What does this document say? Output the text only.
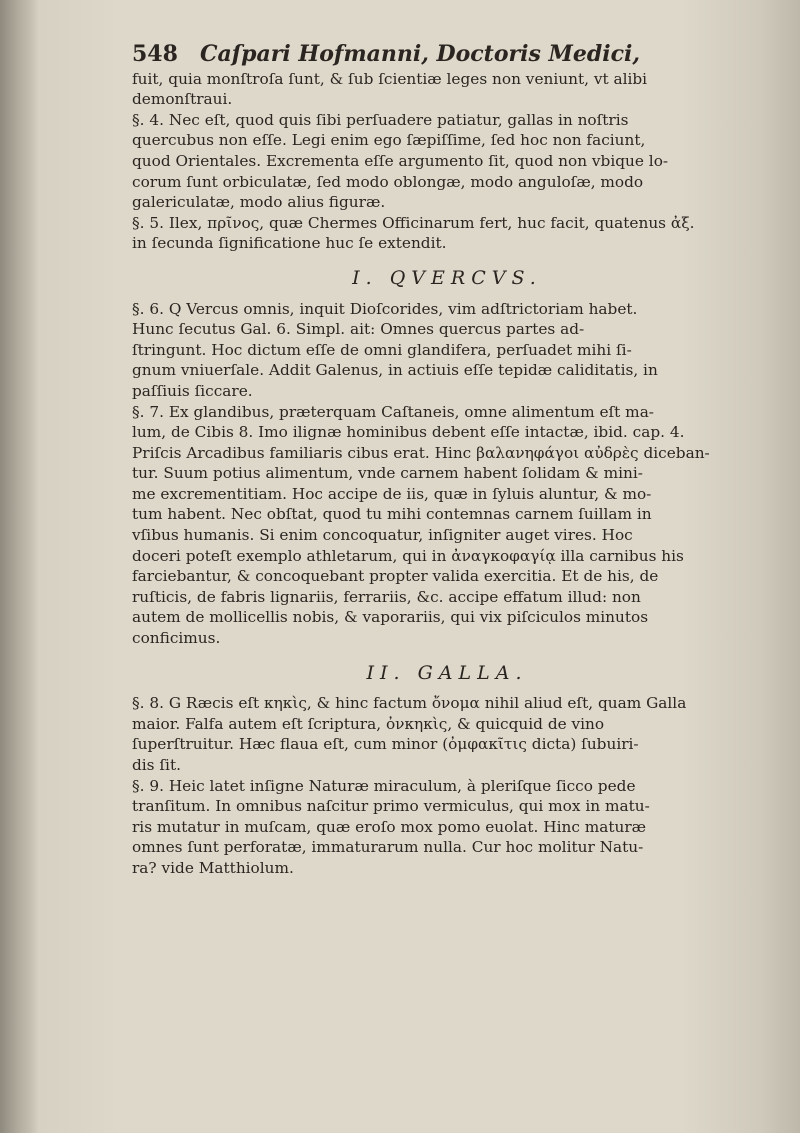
548 Caſpari Hofmanni, Doctoris Medici,

fuit, quia monſtroſa ſunt, & ſub ſcientiæ leges non veniunt, vt alibi

demonſtraui.

§. 4. Nec eſt, quod quis ſibi perſuadere patiatur, gallas in noſtris

quercubus non eſſe. Legi enim ego ſæpiſſime, ſed hoc non faciunt,

quod Orientales. Excrementa eſſe argumento ſit, quod non vbique lo-

corum ſunt orbiculatæ, ſed modo oblongæ, modo anguloſæ, modo

galericulatæ, modo alius figuræ.

§. 5. Ilex, πρῖνος, quæ Chermes Officinarum fert, huc facit, quatenus ἀξ.

in ſecunda ſignificatione huc ſe extendit.

I. QVERCVS.

§. 6. Q Vercus omnis, inquit Dioſcorides, vim adſtrictoriam habet.

Hunc ſecutus Gal. 6. Simpl. ait: Omnes quercus partes ad-

ſtringunt. Hoc dictum eſſe de omni glandifera, perſuadet mihi ſi-

gnum vniuerſale. Addit Galenus, in actiuis eſſe tepidæ caliditatis, in

paſſiuis ſiccare.

§. 7. Ex glandibus, præterquam Caſtaneis, omne alimentum eſt ma-

lum, de Cibis 8. Imo ilignæ hominibus debent eſſe intactæ, ibid. cap. 4.

Priſcis Arcadibus familiaris cibus erat. Hinc βαλανηφάγοι αὐδρὲς diceban-

tur. Suum potius alimentum, vnde carnem habent ſolidam & mini-

me excrementitiam. Hoc accipe de iis, quæ in ſyluis aluntur, & mo-

tum habent. Nec obſtat, quod tu mihi contemnas carnem ſuillam in

vſibus humanis. Si enim concoquatur, inſigniter auget vires. Hoc

doceri poteſt exemplo athletarum, qui in ἀναγκοφαγίᾳ illa carnibus his

farciebantur, & concoquebant propter valida exercitia. Et de his, de

ruſticis, de fabris lignariis, ferrariis, &c. accipe effatum illud: non

autem de mollicellis nobis, & vaporariis, qui vix piſciculos minutos

conficimus.

II. GALLA.

§. 8. G Ræcis eſt κηκὶς, & hinc factum ὄνομα nihil aliud eſt, quam Galla

maior. Falfa autem eſt ſcriptura, ὀνκηκὶς, & quicquid de vino

ſuperſtruitur. Hæc flaua eſt, cum minor (ὀμφακῖτις dicta) ſubuiri-

dis ſit.

§. 9. Heic latet inſigne Naturæ miraculum, à pleriſque ſicco pede

tranſitum. In omnibus naſcitur primo vermiculus, qui mox in matu-

ris mutatur in muſcam, quæ eroſo mox pomo euolat. Hinc maturæ

omnes ſunt perforatæ, immaturarum nulla. Cur hoc molitur Natu-

ra? vide Matthiolum.
